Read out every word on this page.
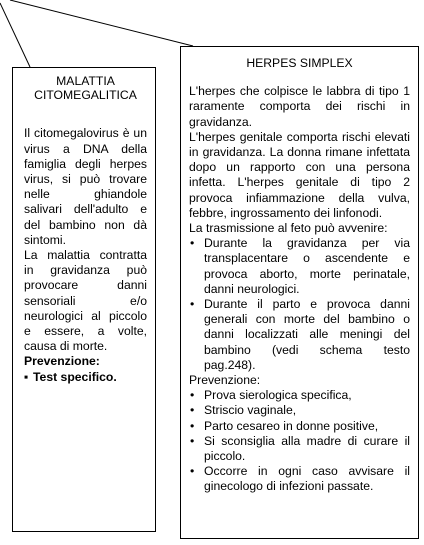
MALATTIA
CITOMEGALITICA

Il citomegalovirus è un virus a DNA della famiglia degli herpes virus, si può trovare nelle ghiandole salivari dell'adulto e del bambino non dà sintomi.

La malattia contratta in gravidanza può provocare danni sensoriali e/o neurologici al piccolo e essere, a volte, causa di morte.

Prevenzione:

▪ Test specifico.
HERPES SIMPLEX

L'herpes che colpisce le labbra di tipo 1 raramente comporta dei rischi in gravidanza.

L'herpes genitale comporta rischi elevati in gravidanza. La donna rimane infettata dopo un rapporto con una persona infetta. L'herpes genitale di tipo 2 provoca infiammazione della vulva, febbre, ingrossamento dei linfonodi.

La trasmissione al feto può avvenire:

• Durante la gravidanza per via transplacentare o ascendente e provoca aborto, morte perinatale, danni neurologici.
• Durante il parto e provoca danni generali con morte del bambino o danni localizzati alle meningi del bambino (vedi schema testo pag.248).

Prevenzione:

• Prova sierologica specifica,
• Striscio vaginale,
• Parto cesareo in donne positive,
• Si sconsiglia alla madre di curare il piccolo.
• Occorre in ogni caso avvisare il ginecologo di infezioni passate.
